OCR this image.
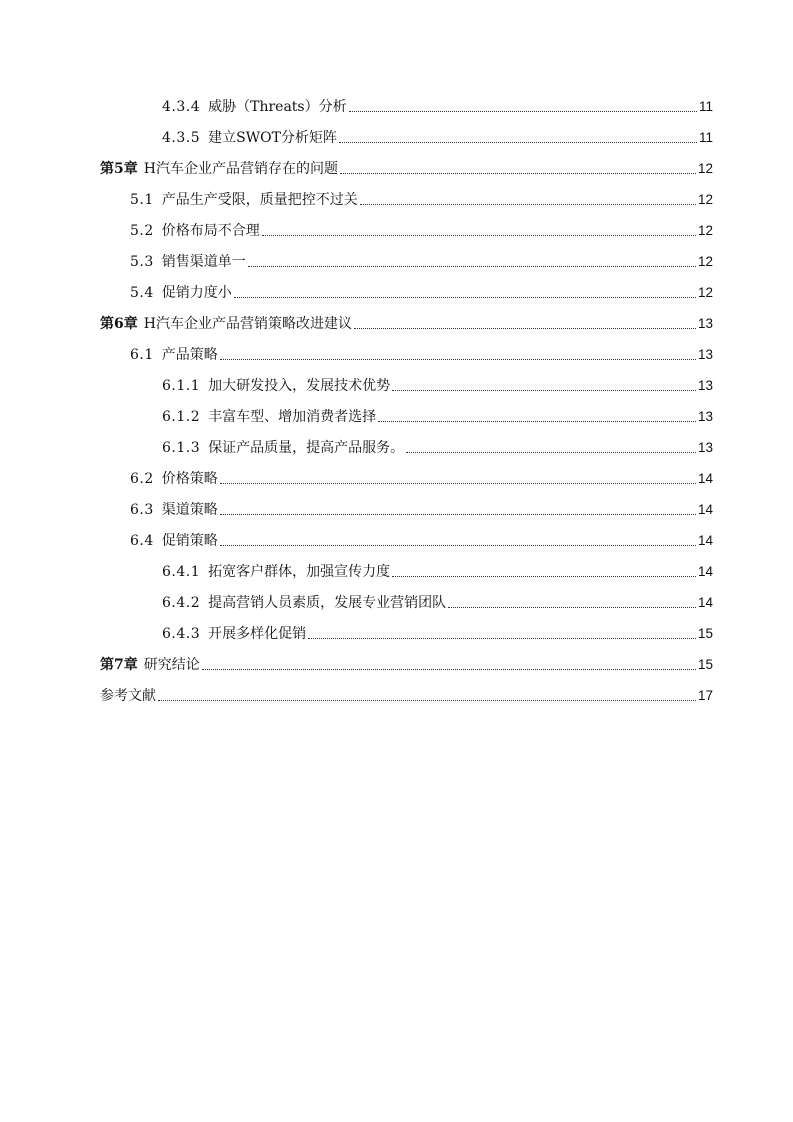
4.3.4 威胁（Threats）分析	11
4.3.5 建立SWOT分析矩阵	11
第5章 H汽车企业产品营销存在的问题	12
5.1 产品生产受限，质量把控不过关	12
5.2 价格布局不合理	12
5.3 销售渠道单一	12
5.4 促销力度小	12
第6章 H汽车企业产品营销策略改进建议	13
6.1 产品策略	13
6.1.1 加大研发投入，发展技术优势	13
6.1.2 丰富车型、增加消费者选择	13
6.1.3 保证产品质量，提高产品服务。	13
6.2 价格策略	14
6.3 渠道策略	14
6.4 促销策略	14
6.4.1 拓宽客户群体，加强宣传力度	14
6.4.2 提高营销人员素质，发展专业营销团队	14
6.4.3 开展多样化促销	15
第7章 研究结论	15
参考文献	17
